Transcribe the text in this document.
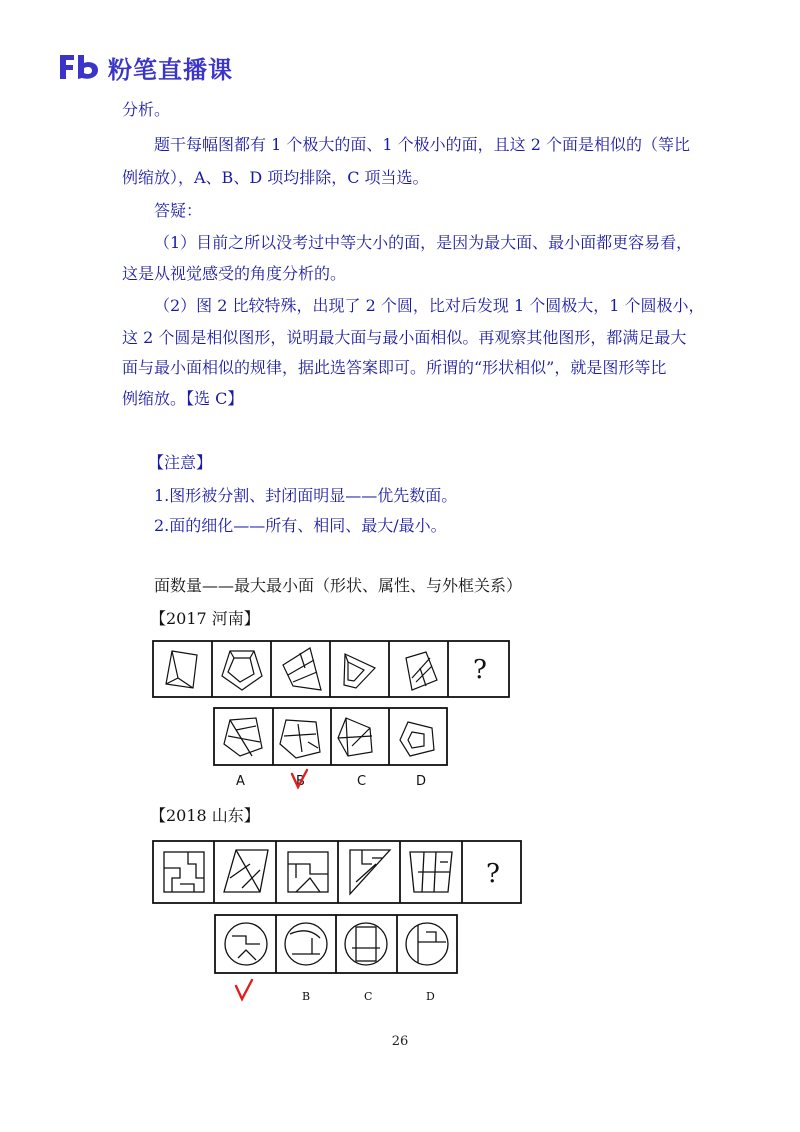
粉笔直播课
分析。
题干每幅图都有 1 个极大的面、1 个极小的面，且这 2 个面是相似的（等比
例缩放），A、B、D 项均排除，C 项当选。
答疑：
（1）目前之所以没考过中等大小的面，是因为最大面、最小面都更容易看，
这是从视觉感受的角度分析的。
（2）图 2 比较特殊，出现了 2 个圆，比对后发现 1 个圆极大，1 个圆极小，
这 2 个圆是相似图形，说明最大面与最小面相似。再观察其他图形，都满足最大
面与最小面相似的规律，据此选答案即可。所谓的“形状相似”，就是图形等比
例缩放。【选 C】
【注意】
1.图形被分割、封闭面明显——优先数面。
2.面的细化——所有、相同、最大/最小。
面数量——最大最小面（形状、属性、与外框关系）
【2017 河南】
?
A	B	C	D
【2018 山东】
?
B	C	D
26
